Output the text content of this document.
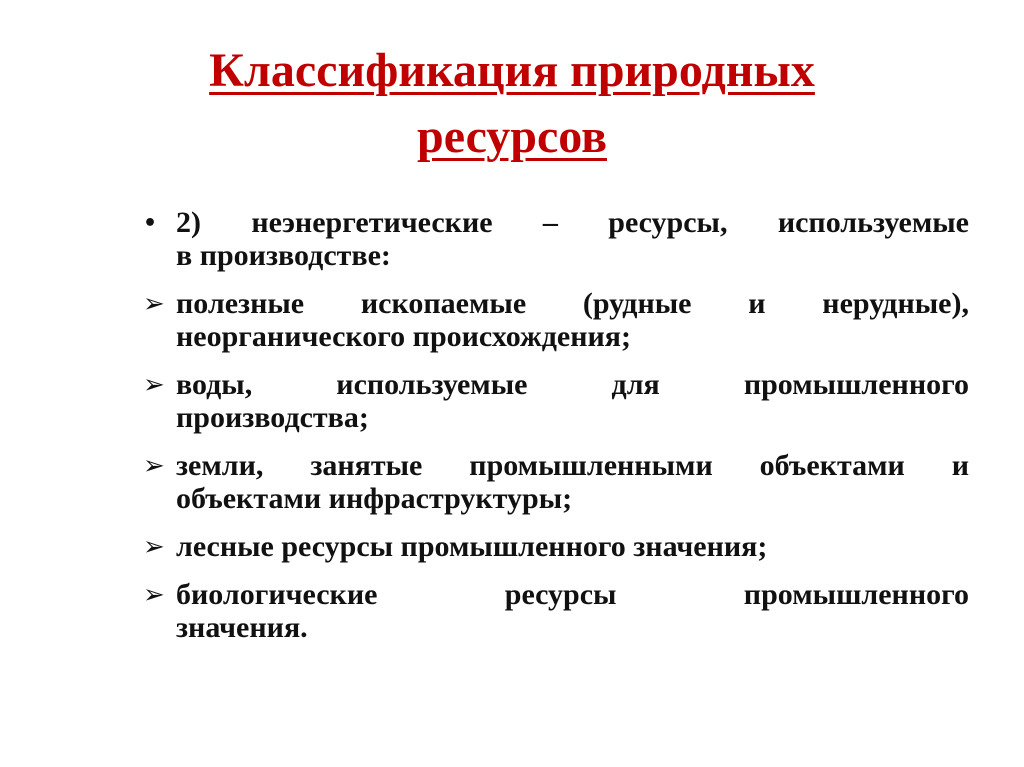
Классификация природных
ресурсов
• 2) неэнергетические – ресурсы, используемые
в производстве:
➢ полезные ископаемые (рудные и нерудные),
неорганического происхождения;
➢ воды, используемые для промышленного
производства;
➢ земли, занятые промышленными объектами и
объектами инфраструктуры;
➢ лесные ресурсы промышленного значения;
➢ биологические ресурсы промышленного
значения.
